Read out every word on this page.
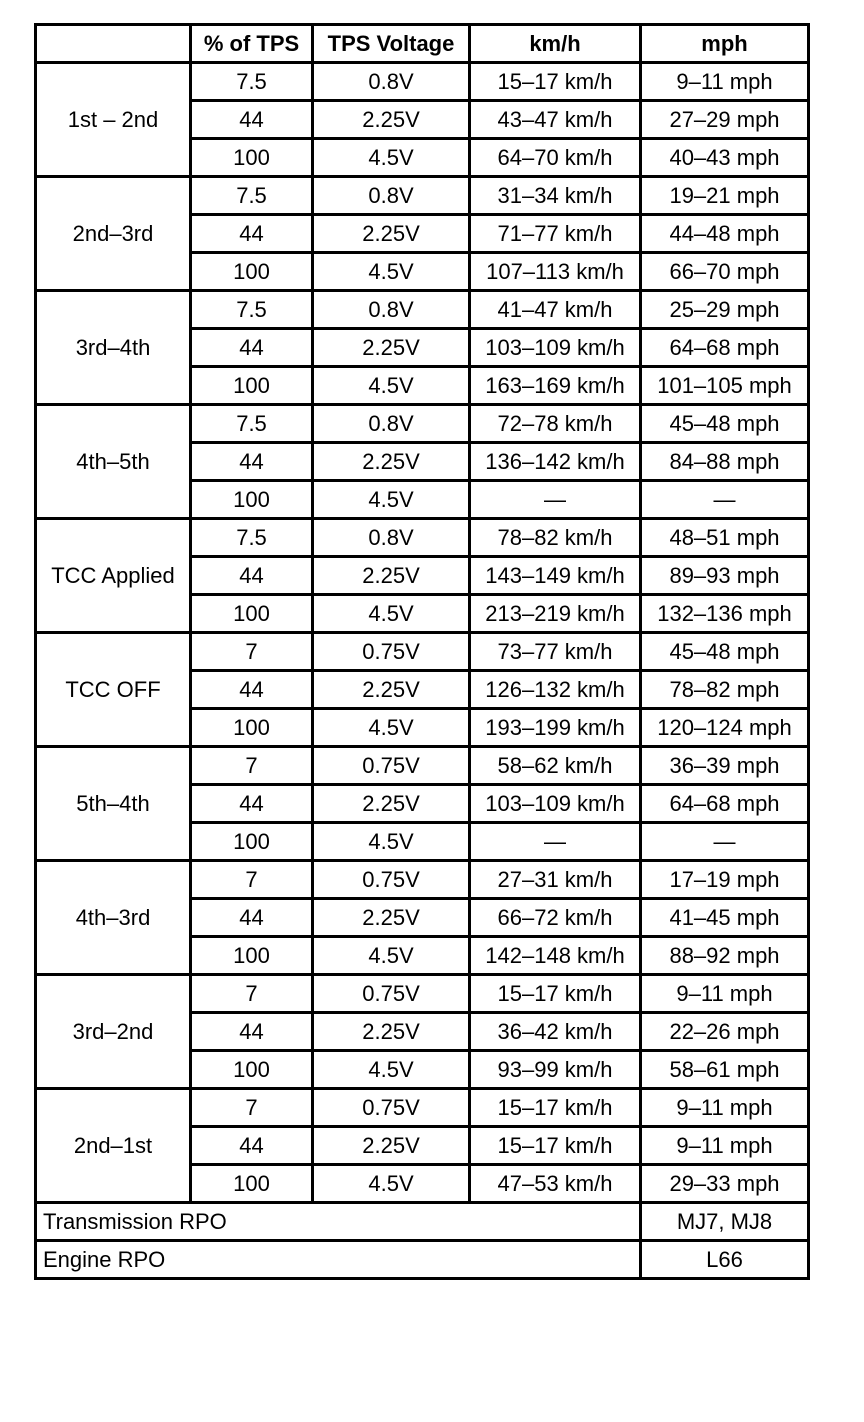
	% of TPS	TPS Voltage	km/h	mph
1st – 2nd	7.5	0.8V	15–17 km/h	9–11 mph
	44	2.25V	43–47 km/h	27–29 mph
	100	4.5V	64–70 km/h	40–43 mph
2nd–3rd	7.5	0.8V	31–34 km/h	19–21 mph
	44	2.25V	71–77 km/h	44–48 mph
	100	4.5V	107–113 km/h	66–70 mph
3rd–4th	7.5	0.8V	41–47 km/h	25–29 mph
	44	2.25V	103–109 km/h	64–68 mph
	100	4.5V	163–169 km/h	101–105 mph
4th–5th	7.5	0.8V	72–78 km/h	45–48 mph
	44	2.25V	136–142 km/h	84–88 mph
	100	4.5V	—	—
TCC Applied	7.5	0.8V	78–82 km/h	48–51 mph
	44	2.25V	143–149 km/h	89–93 mph
	100	4.5V	213–219 km/h	132–136 mph
TCC OFF	7	0.75V	73–77 km/h	45–48 mph
	44	2.25V	126–132 km/h	78–82 mph
	100	4.5V	193–199 km/h	120–124 mph
5th–4th	7	0.75V	58–62 km/h	36–39 mph
	44	2.25V	103–109 km/h	64–68 mph
	100	4.5V	—	—
4th–3rd	7	0.75V	27–31 km/h	17–19 mph
	44	2.25V	66–72 km/h	41–45 mph
	100	4.5V	142–148 km/h	88–92 mph
3rd–2nd	7	0.75V	15–17 km/h	9–11 mph
	44	2.25V	36–42 km/h	22–26 mph
	100	4.5V	93–99 km/h	58–61 mph
2nd–1st	7	0.75V	15–17 km/h	9–11 mph
	44	2.25V	15–17 km/h	9–11 mph
	100	4.5V	47–53 km/h	29–33 mph
Transmission RPO				MJ7, MJ8
Engine RPO				L66
